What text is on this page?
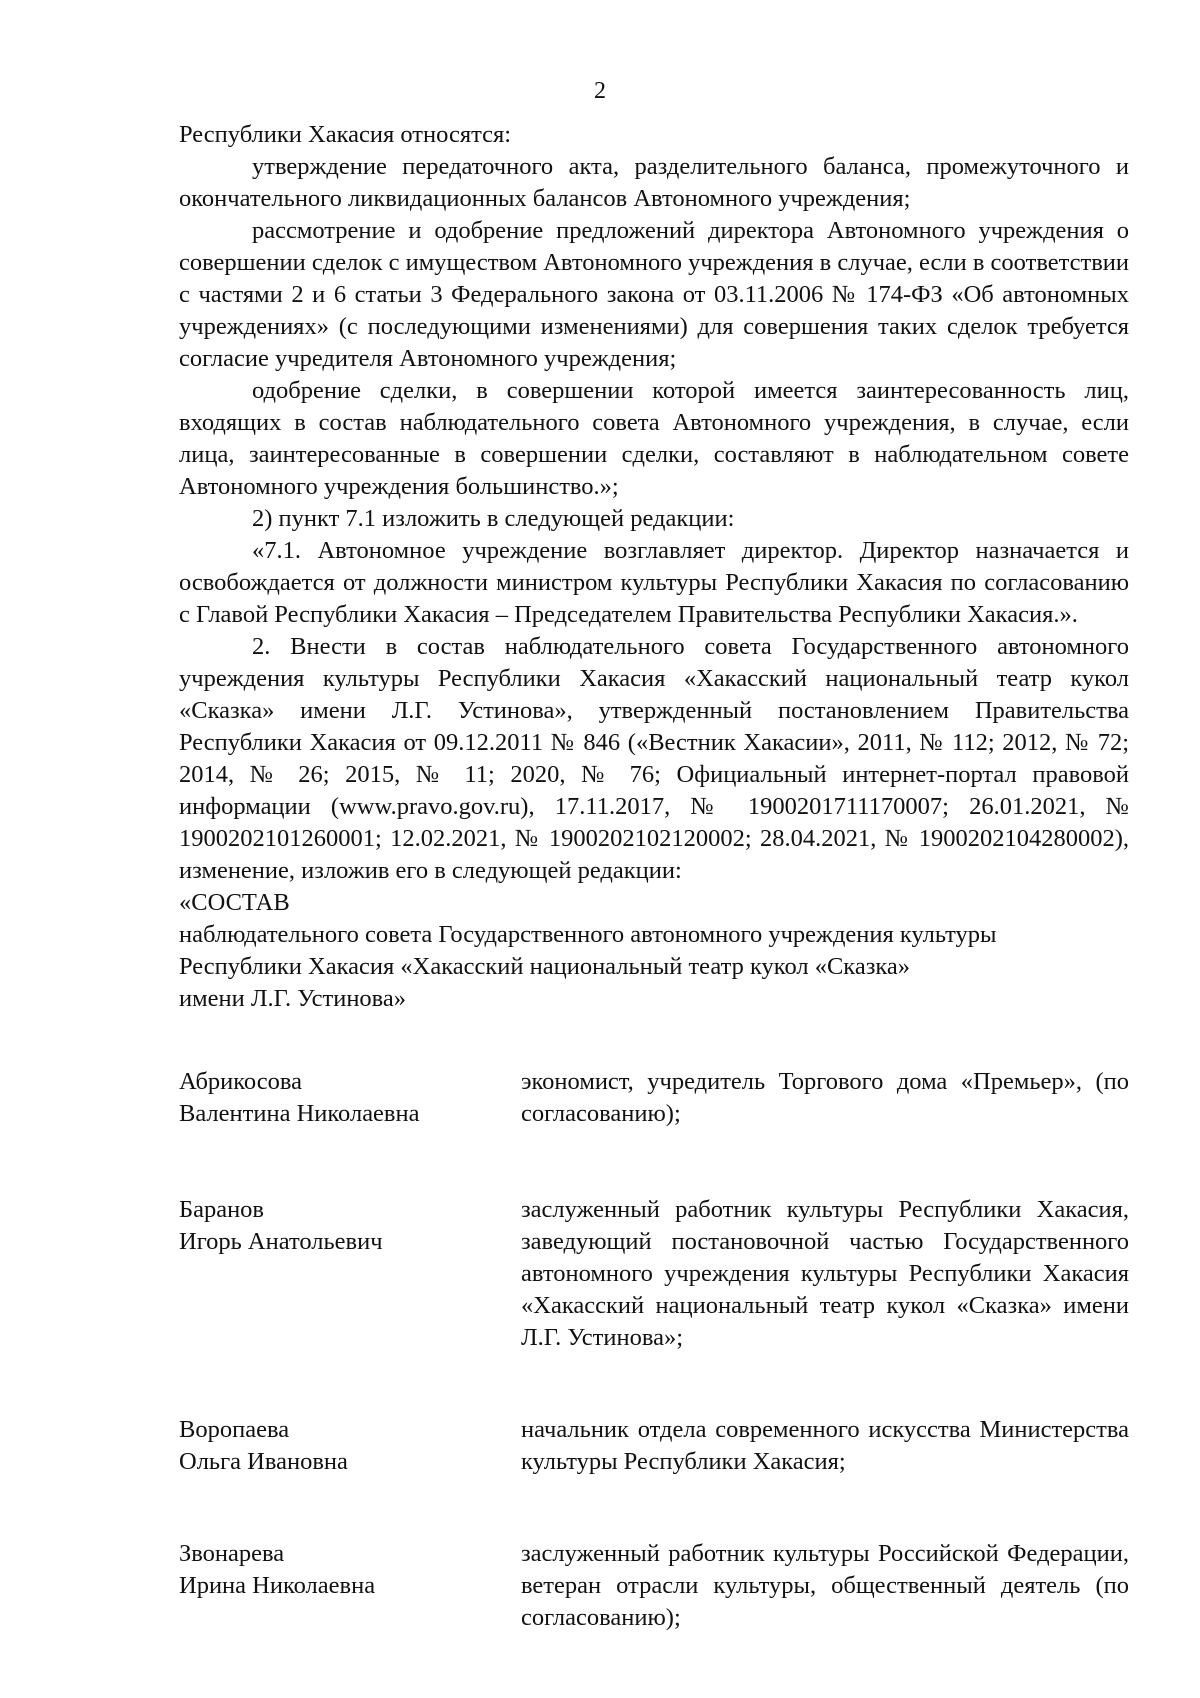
2

Республики Хакасия относятся:

утверждение передаточного акта, разделительного баланса, промежуточного и окончательного ликвидационных балансов Автономного учреждения;

рассмотрение и одобрение предложений директора Автономного учреждения о совершении сделок с имуществом Автономного учреждения в случае, если в соответствии с частями 2 и 6 статьи 3 Федерального закона от 03.11.2006 № 174-ФЗ «Об автономных учреждениях» (с последующими изменениями) для совершения таких сделок требуется согласие учредителя Автономного учреждения;

одобрение сделки, в совершении которой имеется заинтересованность лиц, входящих в состав наблюдательного совета Автономного учреждения, в случае, если лица, заинтересованные в совершении сделки, составляют в наблюдательном совете Автономного учреждения большинство.»;

2) пункт 7.1 изложить в следующей редакции:

«7.1. Автономное учреждение возглавляет директор. Директор назначается и освобождается от должности министром культуры Республики Хакасия по согласованию с Главой Республики Хакасия – Председателем Правительства Республики Хакасия.».

2. Внести в состав наблюдательного совета Государственного автономного учреждения культуры Республики Хакасия «Хакасский национальный театр кукол «Сказка» имени Л.Г. Устинова», утвержденный постановлением Правительства Республики Хакасия от 09.12.2011 № 846 («Вестник Хакасии», 2011, № 112; 2012, № 72; 2014, № 26; 2015, № 11; 2020, № 76; Официальный интернет-портал правовой информации (www.pravo.gov.ru), 17.11.2017, № 1900201711170007; 26.01.2021, № 1900202101260001; 12.02.2021, № 1900202102120002; 28.04.2021, № 1900202104280002), изменение, изложив его в следующей редакции:

«СОСТАВ

наблюдательного совета Государственного автономного учреждения культуры

Республики Хакасия «Хакасский национальный театр кукол «Сказка»

имени Л.Г. Устинова»

Абрикосова
Валентина Николаевна
экономист, учредитель Торгового дома «Премьер», (по согласованию);
Баранов
Игорь Анатольевич
заслуженный работник культуры Республики Хакасия, заведующий постановочной частью Государственного автономного учреждения культуры Республики Хакасия «Хакасский национальный театр кукол «Сказка» имени Л.Г. Устинова»;
Воропаева
Ольга Ивановна
начальник отдела современного искусства Министерства культуры Республики Хакасия;
Звонарева
Ирина Николаевна
заслуженный работник культуры Российской Федерации, ветеран отрасли культуры, общественный деятель (по согласованию);
